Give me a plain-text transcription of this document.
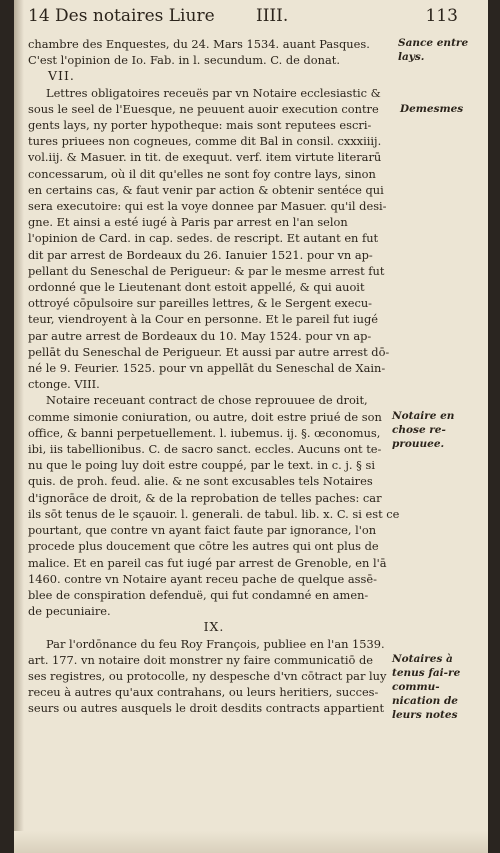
14 Des notaires Liure IIII.	113
chambre des Enquestes, du 24. Mars 1534. auant Pasques.
C'est l'opinion de Io. Fab. in l. secundum. C. de donat.
VII.
Lettres obligatoires receuës par vn Notaire ecclesiastic &
sous le seel de l'Euesque, ne peuuent auoir execution contre
gents lays, ny porter hypotheque: mais sont reputees escri-
tures priuees non cogneues, comme dit Bal in consil. cxxxiiij.
vol.iij. & Masuer. in tit. de exequut. verf. item virtute literarū
concessarum, où il dit qu'elles ne sont foy contre lays, sinon
en certains cas, & faut venir par action & obtenir sentéce qui
sera executoire: qui est la voye donnee par Masuer. qu'il desi-
gne. Et ainsi a esté iugé à Paris par arrest en l'an selon
l'opinion de Card. in cap. sedes. de rescript. Et autant en fut
dit par arrest de Bordeaux du 26. Ianuier 1521. pour vn ap-
pellant du Seneschal de Perigueur: & par le mesme arrest fut
ordonné que le Lieutenant dont estoit appellé, & qui auoit
ottroyé cōpulsoire sur pareilles lettres, & le Sergent execu-
teur, viendroyent à la Cour en personne. Et le pareil fut iugé
par autre arrest de Bordeaux du 10. May 1524. pour vn ap-
pellāt du Seneschal de Perigueur. Et aussi par autre arrest dō-
né le 9. Feurier. 1525. pour vn appellāt du Seneschal de Xain-
ctonge. VIII.
Notaire receuant contract de chose reprouuee de droit,
comme simonie coniuration, ou autre, doit estre priué de son
office, & banni perpetuellement. l. iubemus. ij. §. œconomus,
ibi, iis tabellionibus. C. de sacro sanct. eccles. Aucuns ont te-
nu que le poing luy doit estre couppé, par le text. in c. j. § si
quis. de proh. feud. alie. & ne sont excusables tels Notaires
d'ignorāce de droit, & de la reprobation de telles paches: car
ils sōt tenus de le sçauoir. l. generali. de tabul. lib. x. C. si est ce
pourtant, que contre vn ayant faict faute par ignorance, l'on
procede plus doucement que cōtre les autres qui ont plus de
malice. Et en pareil cas fut iugé par arrest de Grenoble, en l'ā
1460. contre vn Notaire ayant receu pache de quelque assē-
blee de conspiration defenduë, qui fut condamné en amen-
de pecuniaire.
IX.
Par l'ordōnance du feu Roy François, publiee en l'an 1539.
art. 177. vn notaire doit monstrer ny faire communicatiō de
ses registres, ou protocolle, ny despesche d'vn cōtract par luy
receu à autres qu'aux contrahans, ou leurs heritiers, succes-
seurs ou autres ausquels le droit desdits contracts appartient
Sance entre lays.
Demesmes
Notaire en chose re-prouuee.
Notaires à tenus fai-re commu-nication de leurs notes
